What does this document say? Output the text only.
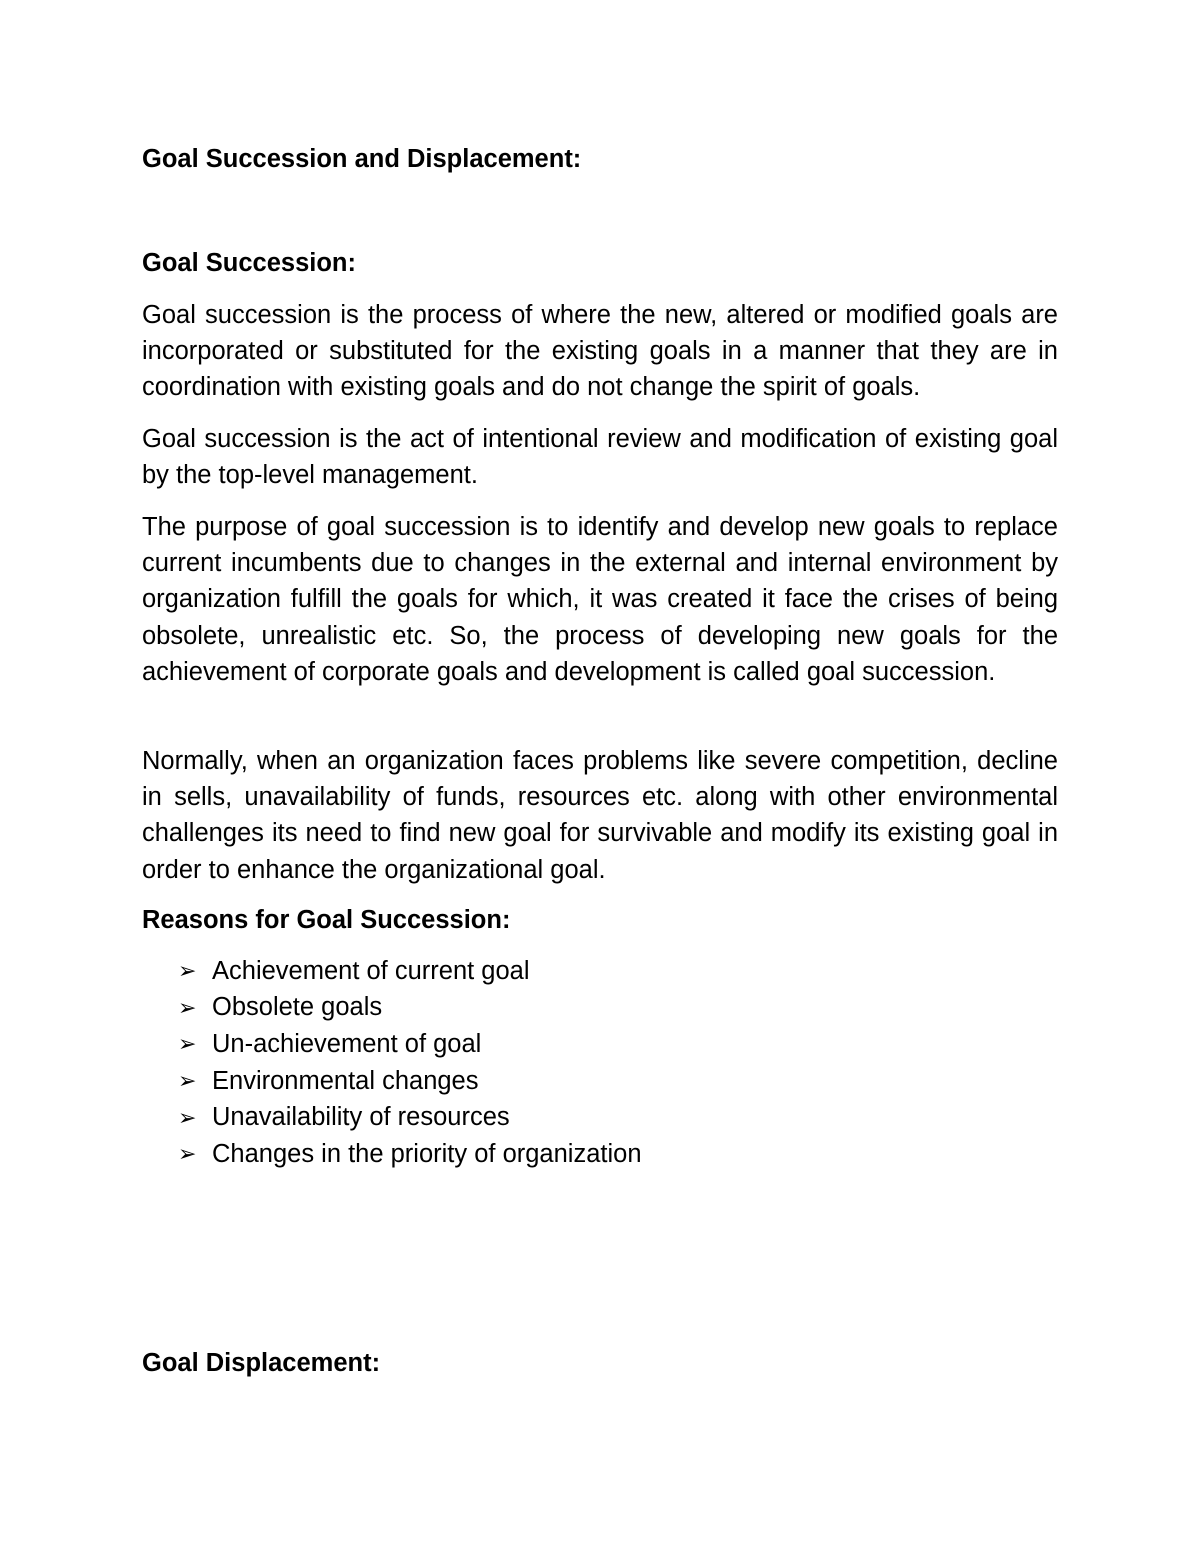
Goal Succession and Displacement:
Goal Succession:

Goal succession is the process of where the new, altered or modified goals are incorporated or substituted for the existing goals in a manner that they are in coordination with existing goals and do not change the spirit of goals.

Goal succession is the act of intentional review and modification of existing goal by the top-level management.

The purpose of goal succession is to identify and develop new goals to replace current incumbents due to changes in the external and internal environment by organization fulfill the goals for which, it was created it face the crises of being obsolete, unrealistic etc. So, the process of developing new goals for the achievement of corporate goals and development is called goal succession.

Normally, when an organization faces problems like severe competition, decline in sells, unavailability of funds, resources etc. along with other environmental challenges its need to find new goal for survivable and modify its existing goal in order to enhance the organizational goal.

Reasons for Goal Succession:
➢ Achievement of current goal
➢ Obsolete goals
➢ Un-achievement of goal
➢ Environmental changes
➢ Unavailability of resources
➢ Changes in the priority of organization
Goal Displacement:
